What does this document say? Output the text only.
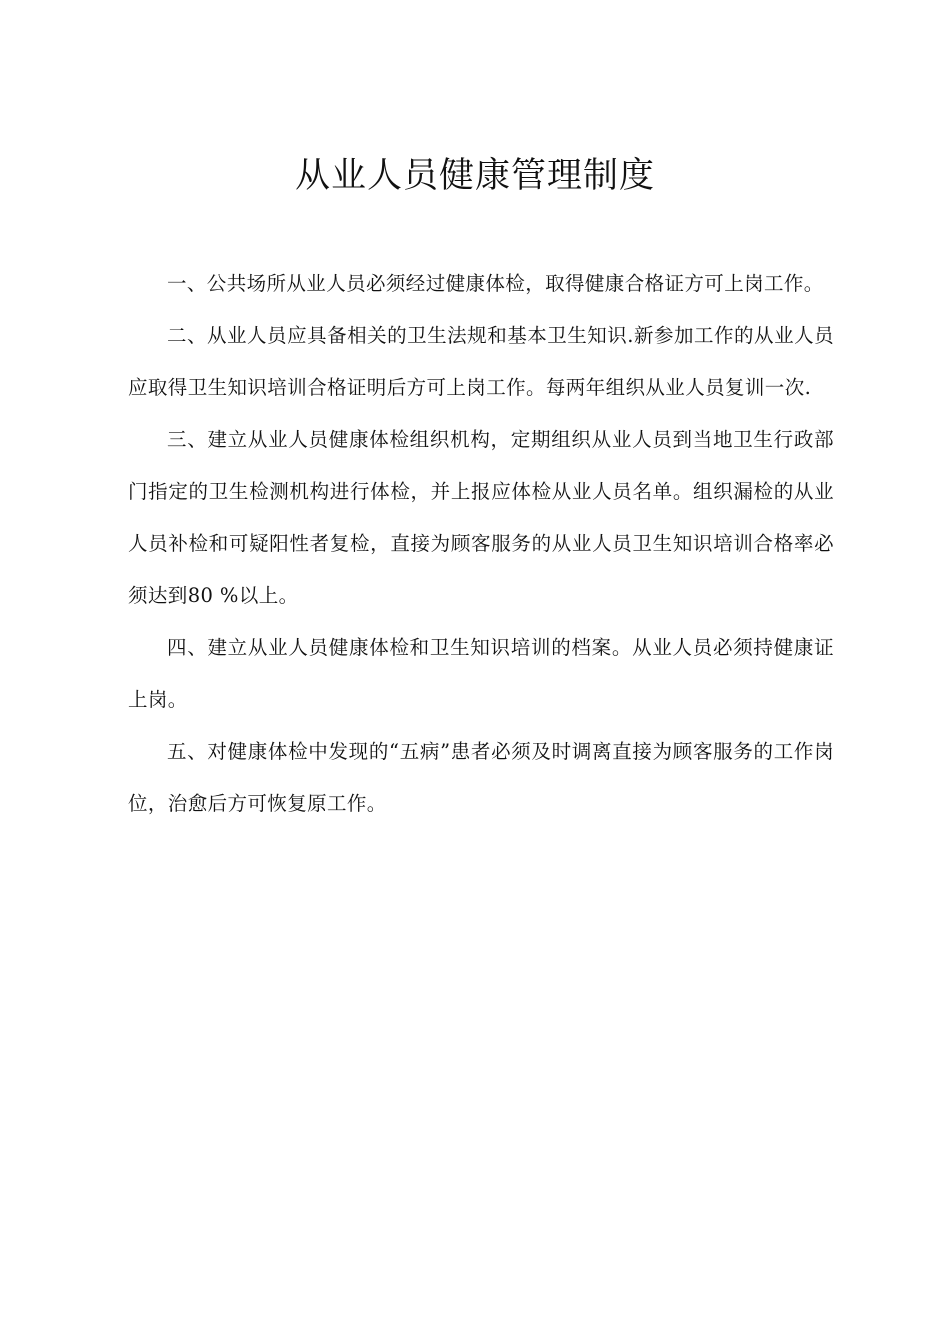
从业人员健康管理制度

一、公共场所从业人员必须经过健康体检，取得健康合格证方可上岗工作。

二、从业人员应具备相关的卫生法规和基本卫生知识.新参加工作的从业人员应取得卫生知识培训合格证明后方可上岗工作。每两年组织从业人员复训一次.

三、建立从业人员健康体检组织机构，定期组织从业人员到当地卫生行政部门指定的卫生检测机构进行体检，并上报应体检从业人员名单。组织漏检的从业人员补检和可疑阳性者复检，直接为顾客服务的从业人员卫生知识培训合格率必须达到80 %以上。

四、建立从业人员健康体检和卫生知识培训的档案。从业人员必须持健康证上岗。

五、对健康体检中发现的“五病”患者必须及时调离直接为顾客服务的工作岗位，治愈后方可恢复原工作。
